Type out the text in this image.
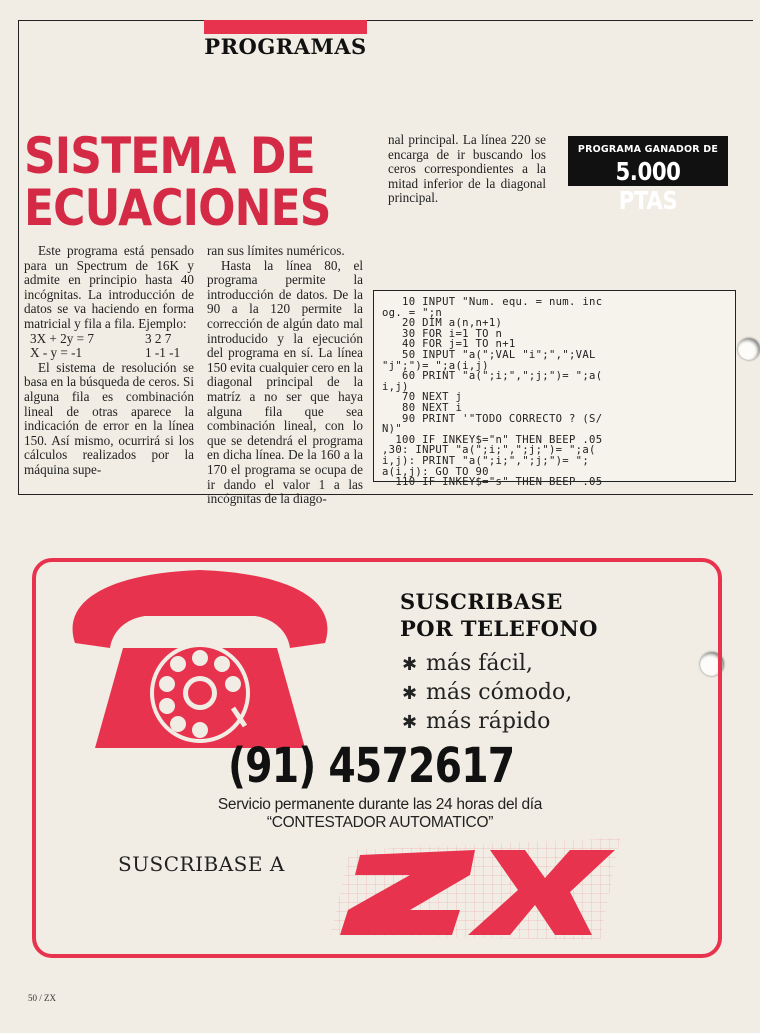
PROGRAMAS
SISTEMA DE
ECUACIONES

Este programa está pensado para un Spectrum de 16K y admite en principio hasta 40 incógnitas. La introducción de datos se va haciendo en forma matricial y fila a fila. Ejemplo:

3X + 2y = 7	3 2 7
X - y = -1	1 -1 -1

El sistema de resolución se basa en la búsqueda de ceros. Si alguna fila es combinación lineal de otras aparece la indicación de error en la línea 150. Así mismo, ocurrirá si los cálculos realizados por la máquina supe-

ran sus límites numéricos.

Hasta la línea 80, el programa permite la introducción de datos. De la 90 a la 120 permite la corrección de algún dato mal introducido y la ejecución del programa en sí. La línea 150 evita cualquier cero en la diagonal principal de la matríz a no ser que haya alguna fila que sea combinación lineal, con lo que se detendrá el programa en dicha línea. De la 160 a la 170 el programa se ocupa de ir dando el valor 1 a las incógnitas de la diago-

nal principal. La línea 220 se encarga de ir buscando los ceros correspondientes a la mitad inferior de la diagonal principal.

PROGRAMA GANADOR DE
5.000 PTAS
10 INPUT "Num. equ. = num. inc
og. = ";n
20 DIM a(n,n+1)
30 FOR i=1 TO n
40 FOR j=1 TO n+1
50 INPUT "a(";VAL "i";",";VAL
"j";")= ";a(i,j)
60 PRINT "a(";i;",";j;")= ";a(
i,j)
70 NEXT j
80 NEXT i
90 PRINT '"TODO CORRECTO ? (S/
N)"
100 IF INKEY$="n" THEN BEEP .05
,30: INPUT "a(";i;",";j;")= ";a(
i,j): PRINT "a(";i;",";j;")= ";
a(i,j): GO TO 90
110 IF INKEY$="s" THEN BEEP .05
SUSCRIBASE
POR TELEFONO
✱ más fácil,
✱ más cómodo,
✱ más rápido
(91) 4572617
Servicio permanente durante las 24 horas del día
“CONTESTADOR AUTOMATICO”
SUSCRIBASE A
50 / ZX
